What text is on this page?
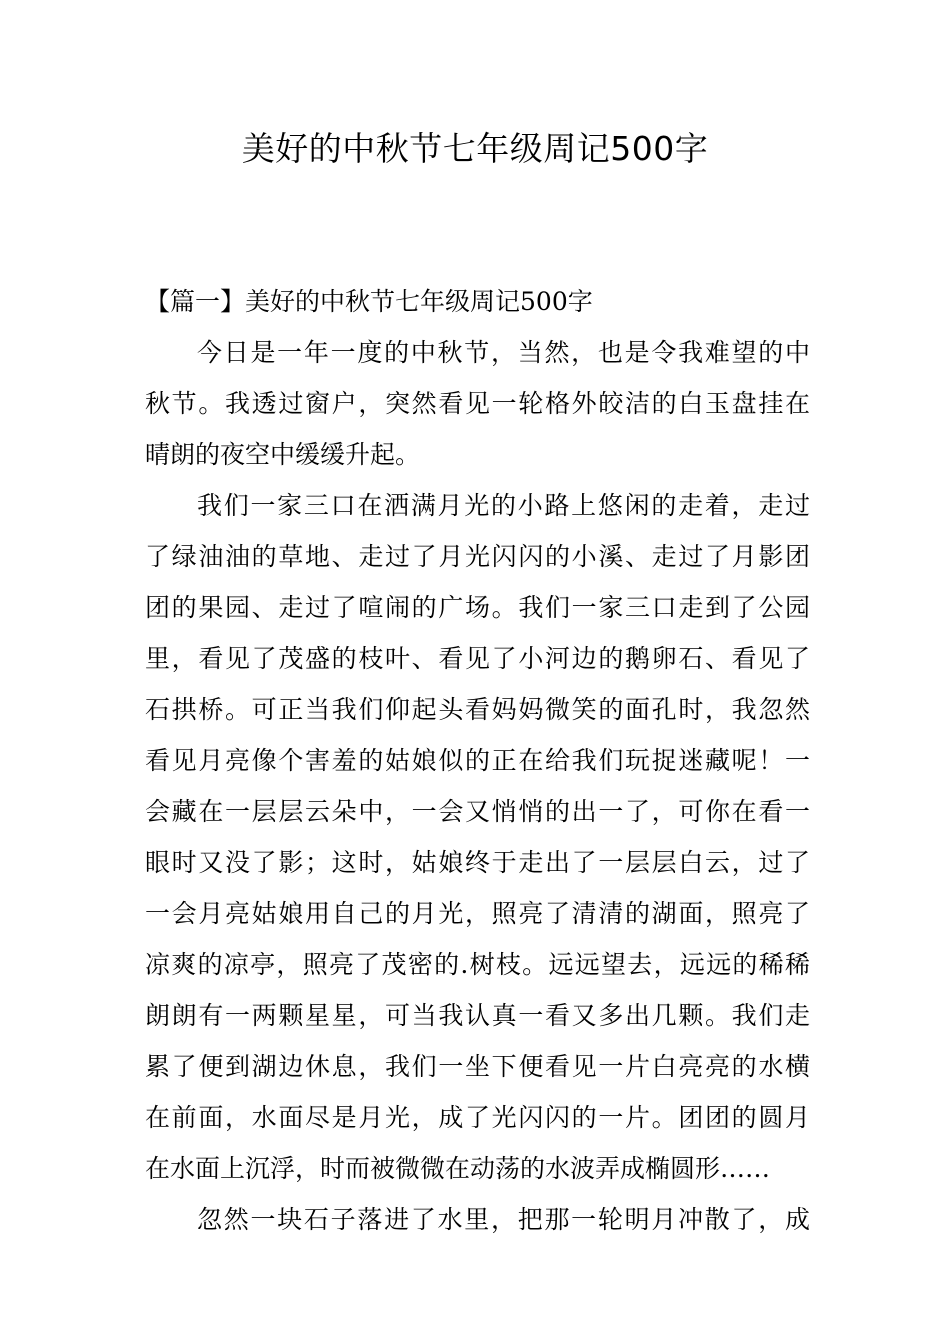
美好的中秋节七年级周记500字
【篇一】美好的中秋节七年级周记500字

今日是一年一度的中秋节，当然，也是令我难望的中
秋节。我透过窗户，突然看见一轮格外皎洁的白玉盘挂在
晴朗的夜空中缓缓升起。

我们一家三口在洒满月光的小路上悠闲的走着，走过
了绿油油的草地、走过了月光闪闪的小溪、走过了月影团
团的果园、走过了喧闹的广场。我们一家三口走到了公园
里，看见了茂盛的枝叶、看见了小河边的鹅卵石、看见了
石拱桥。可正当我们仰起头看妈妈微笑的面孔时，我忽然
看见月亮像个害羞的姑娘似的正在给我们玩捉迷藏呢！一
会藏在一层层云朵中，一会又悄悄的出一了，可你在看一
眼时又没了影；这时，姑娘终于走出了一层层白云，过了
一会月亮姑娘用自己的月光，照亮了清清的湖面，照亮了
凉爽的凉亭，照亮了茂密的.树枝。远远望去，远远的稀稀
朗朗有一两颗星星，可当我认真一看又多出几颗。我们走
累了便到湖边休息，我们一坐下便看见一片白亮亮的水横
在前面，水面尽是月光，成了光闪闪的一片。团团的圆月
在水面上沉浮，时而被微微在动荡的水波弄成椭圆形……

忽然一块石子落进了水里，把那一轮明月冲散了，成
